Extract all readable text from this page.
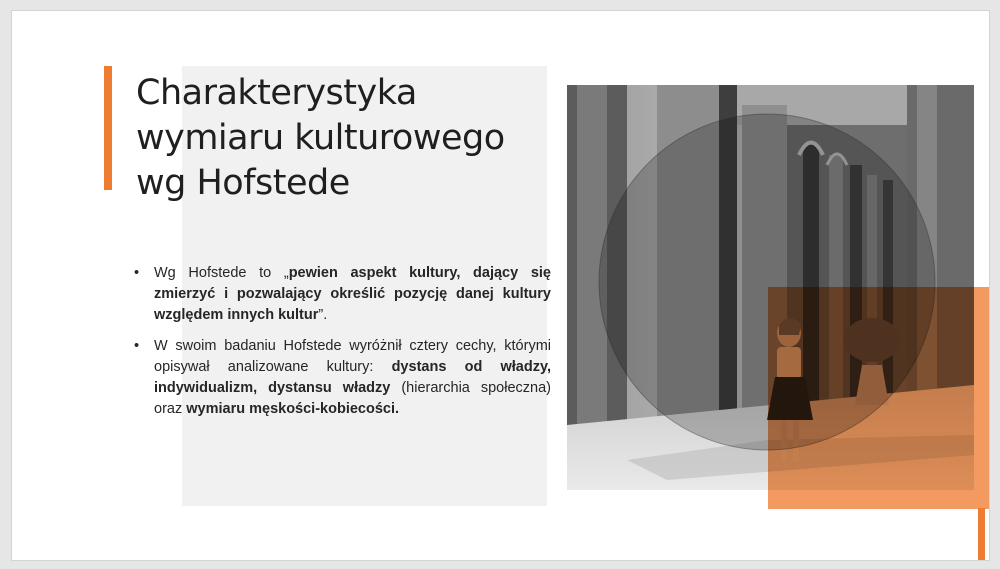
Charakterystyka
wymiaru kulturowego
wg Hofstede
• Wg Hofstede to „pewien aspekt kultury, dający się zmierzyć i pozwalający określić pozycję danej kultury względem innych kultur”.
• W swoim badaniu Hofstede wyróżnił cztery cechy, którymi opisywał analizowane kultury: dystans od władzy, indywidualizm, dystansu władzy (hierarchia społeczna) oraz wymiaru męskości-kobiecości.
